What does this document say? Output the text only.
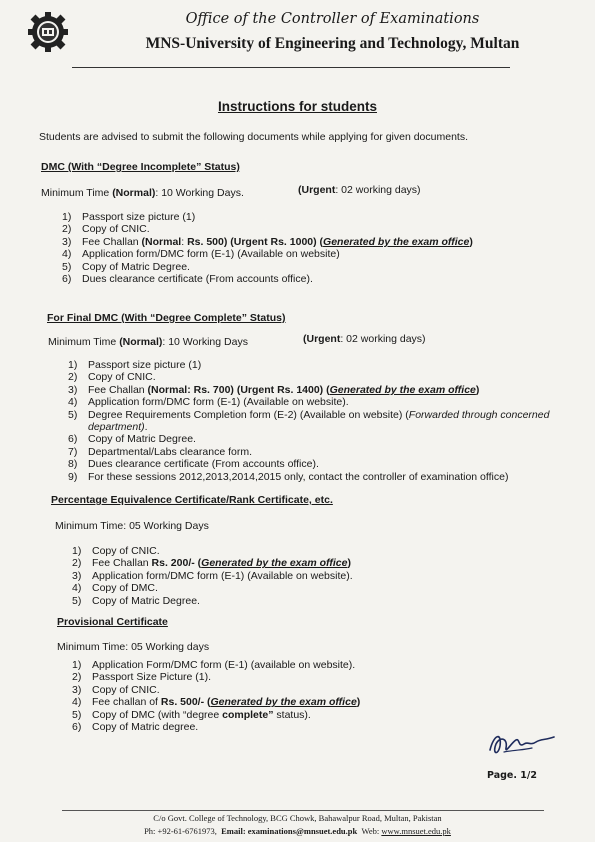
Office of the Controller of Examinations
MNS-University of Engineering and Technology, Multan
Instructions for students
Students are advised to submit the following documents while applying for given documents.
DMC (With “Degree Incomplete” Status)
Minimum Time (Normal): 10 Working Days.	(Urgent: 02 working days)
1)	Passport size picture (1)
2)	Copy of CNIC.
3)	Fee Challan (Normal: Rs. 500) (Urgent Rs. 1000) (Generated by the exam office)
4)	Application form/DMC form (E-1) (Available on website)
5)	Copy of Matric Degree.
6)	Dues clearance certificate (From accounts office).
For Final DMC (With “Degree Complete” Status)
Minimum Time (Normal): 10 Working Days	(Urgent: 02 working days)
1)	Passport size picture (1)
2)	Copy of CNIC.
3)	Fee Challan (Normal: Rs. 700) (Urgent Rs. 1400) (Generated by the exam office)
4)	Application form/DMC form (E-1) (Available on website).
5)	Degree Requirements Completion form (E-2) (Available on website) (Forwarded through concerned department).
6)	Copy of Matric Degree.
7)	Departmental/Labs clearance form.
8)	Dues clearance certificate (From accounts office).
9)	For these sessions 2012,2013,2014,2015 only, contact the controller of examination office)
Percentage Equivalence Certificate/Rank Certificate, etc.
Minimum Time: 05 Working Days
1)	Copy of CNIC.
2)	Fee Challan Rs. 200/- (Generated by the exam office)
3)	Application form/DMC form (E-1) (Available on website).
4)	Copy of DMC.
5)	Copy of Matric Degree.
Provisional Certificate
Minimum Time: 05 Working days
1)	Application Form/DMC form (E-1) (available on website).
2)	Passport Size Picture (1).
3)	Copy of CNIC.
4)	Fee challan of Rs. 500/- (Generated by the exam office)
5)	Copy of DMC (with “degree complete” status).
6)	Copy of Matric degree.
Page. 1/2
C/o Govt. College of Technology, BCG Chowk, Bahawalpur Road, Multan, Pakistan
Ph: +92-61-6761973, Email: examinations@mnsuet.edu.pk Web: www.mnsuet.edu.pk
